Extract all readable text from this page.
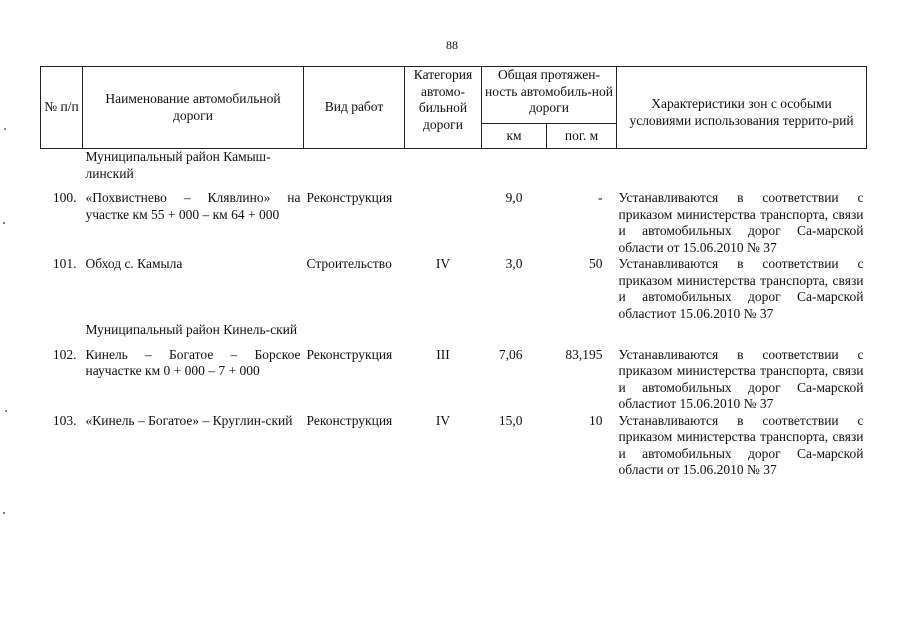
88
№ п/п	Наименование автомобильной дороги	Вид работ	Категория автомо-бильной дороги	Общая протяжен-ность автомобиль-ной дороги		Характеристики зон с особыми условиями использования террито-рий
				км	пог. м	
	Муниципальный район Камыш-линский					

100.	«Похвистнево – Клявлино» на участке км 55 + 000 – км 64 + 000	Реконструкция		9,0	-	Устанавливаются в соответствии с приказом министерства транспорта, связи и автомобильных дорог Са-марской области от 15.06.2010 № 37
101.	Обход с. Камыла	Строительство	IV	3,0	50	Устанавливаются в соответствии с приказом министерства транспорта, связи и автомобильных дорог Са-марской областиот 15.06.2010 № 37
	Муниципальный район Кинель-ский					

102.	Кинель – Богатое – Борское научастке км 0 + 000 – 7 + 000	Реконструкция	III	7,06	83,195	Устанавливаются в соответствии с приказом министерства транспорта, связи и автомобильных дорог Са-марской областиот 15.06.2010 № 37
103.	«Кинель – Богатое» – Круглин-ский	Реконструкция	IV	15,0	10	Устанавливаются в соответствии с приказом министерства транспорта, связи и автомобильных дорог Са-марской области от 15.06.2010 № 37
